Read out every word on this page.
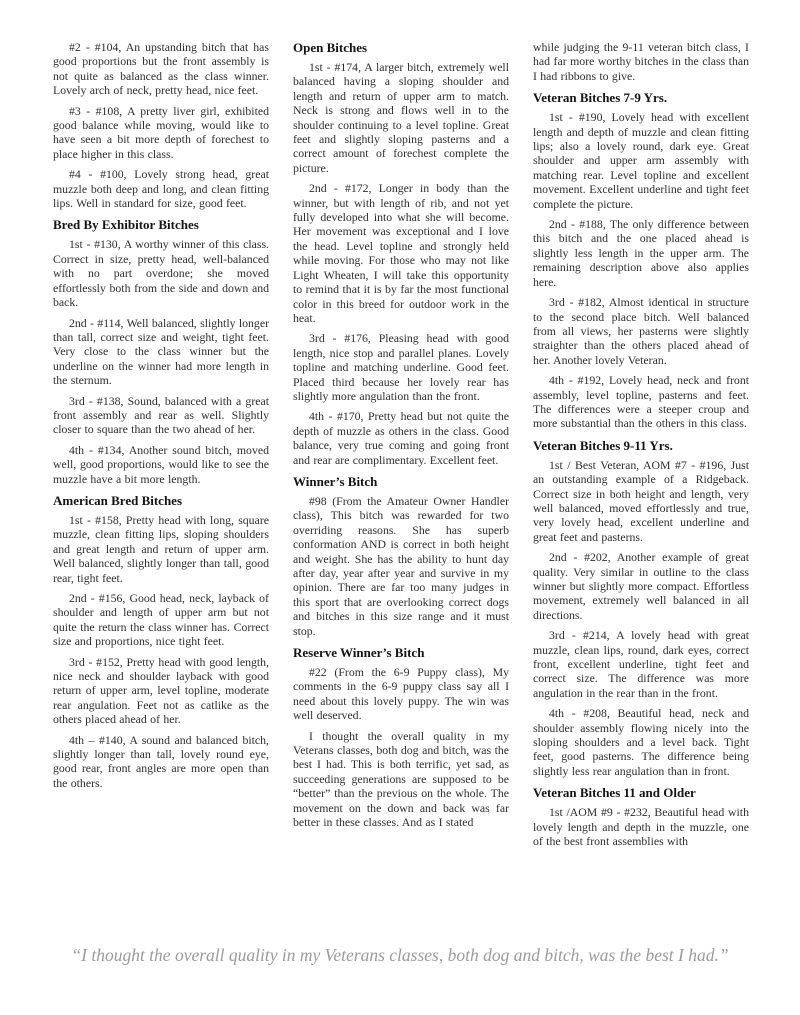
#2 - #104, An upstanding bitch that has good proportions but the front assembly is not quite as balanced as the class winner. Lovely arch of neck, pretty head, nice feet.

#3 - #108, A pretty liver girl, exhibited good balance while moving, would like to have seen a bit more depth of forechest to place higher in this class.

#4 - #100, Lovely strong head, great muzzle both deep and long, and clean fitting lips. Well in standard for size, good feet.

Bred By Exhibitor Bitches

1st - #130, A worthy winner of this class. Correct in size, pretty head, well-balanced with no part overdone; she moved effortlessly both from the side and down and back.

2nd - #114, Well balanced, slightly longer than tall, correct size and weight, tight feet. Very close to the class winner but the underline on the winner had more length in the sternum.

3rd - #138, Sound, balanced with a great front assembly and rear as well. Slightly closer to square than the two ahead of her.

4th - #134, Another sound bitch, moved well, good proportions, would like to see the muzzle have a bit more length.

American Bred Bitches

1st - #158, Pretty head with long, square muzzle, clean fitting lips, sloping shoulders and great length and return of upper arm. Well balanced, slightly longer than tall, good rear, tight feet.

2nd - #156, Good head, neck, layback of shoulder and length of upper arm but not quite the return the class winner has. Correct size and proportions, nice tight feet.

3rd - #152, Pretty head with good length, nice neck and shoulder layback with good return of upper arm, level topline, moderate rear angulation. Feet not as catlike as the others placed ahead of her.

4th – #140, A sound and balanced bitch, slightly longer than tall, lovely round eye, good rear, front angles are more open than the others.

Open Bitches

1st - #174, A larger bitch, extremely well balanced having a sloping shoulder and length and return of upper arm to match. Neck is strong and flows well in to the shoulder continuing to a level topline. Great feet and slightly sloping pasterns and a correct amount of forechest complete the picture.

2nd - #172, Longer in body than the winner, but with length of rib, and not yet fully developed into what she will become. Her movement was exceptional and I love the head. Level topline and strongly held while moving. For those who may not like Light Wheaten, I will take this opportunity to remind that it is by far the most functional color in this breed for outdoor work in the heat.

3rd - #176, Pleasing head with good length, nice stop and parallel planes. Lovely topline and matching underline. Good feet. Placed third because her lovely rear has slightly more angulation than the front.

4th - #170, Pretty head but not quite the depth of muzzle as others in the class. Good balance, very true coming and going front and rear are complimentary. Excellent feet.

Winner’s Bitch

#98 (From the Amateur Owner Handler class), This bitch was rewarded for two overriding reasons. She has superb conformation AND is correct in both height and weight. She has the ability to hunt day after day, year after year and survive in my opinion. There are far too many judges in this sport that are overlooking correct dogs and bitches in this size range and it must stop.

Reserve Winner’s Bitch

#22 (From the 6-9 Puppy class), My comments in the 6-9 puppy class say all I need about this lovely puppy. The win was well deserved.

I thought the overall quality in my Veterans classes, both dog and bitch, was the best I had. This is both terrific, yet sad, as succeeding generations are supposed to be “better” than the previous on the whole. The movement on the down and back was far better in these classes. And as I stated

while judging the 9-11 veteran bitch class, I had far more worthy bitches in the class than I had ribbons to give.

Veteran Bitches 7-9 Yrs.

1st - #190, Lovely head with excellent length and depth of muzzle and clean fitting lips; also a lovely round, dark eye. Great shoulder and upper arm assembly with matching rear. Level topline and excellent movement. Excellent underline and tight feet complete the picture.

2nd - #188, The only difference between this bitch and the one placed ahead is slightly less length in the upper arm. The remaining description above also applies here.

3rd - #182, Almost identical in structure to the second place bitch. Well balanced from all views, her pasterns were slightly straighter than the others placed ahead of her. Another lovely Veteran.

4th - #192, Lovely head, neck and front assembly, level topline, pasterns and feet. The differences were a steeper croup and more substantial than the others in this class.

Veteran Bitches 9-11 Yrs.

1st / Best Veteran, AOM #7 - #196, Just an outstanding example of a Ridgeback. Correct size in both height and length, very well balanced, moved effortlessly and true, very lovely head, excellent underline and great feet and pasterns.

2nd - #202, Another example of great quality. Very similar in outline to the class winner but slightly more compact. Effortless movement, extremely well balanced in all directions.

3rd - #214, A lovely head with great muzzle, clean lips, round, dark eyes, correct front, excellent underline, tight feet and correct size. The difference was more angulation in the rear than in the front.

4th - #208, Beautiful head, neck and shoulder assembly flowing nicely into the sloping shoulders and a level back. Tight feet, good pasterns. The difference being slightly less rear angulation than in front.

Veteran Bitches 11 and Older

1st /AOM #9 - #232, Beautiful head with lovely length and depth in the muzzle, one of the best front assemblies with

“I thought the overall quality in my Veterans classes, both dog and bitch, was the best I had.”
